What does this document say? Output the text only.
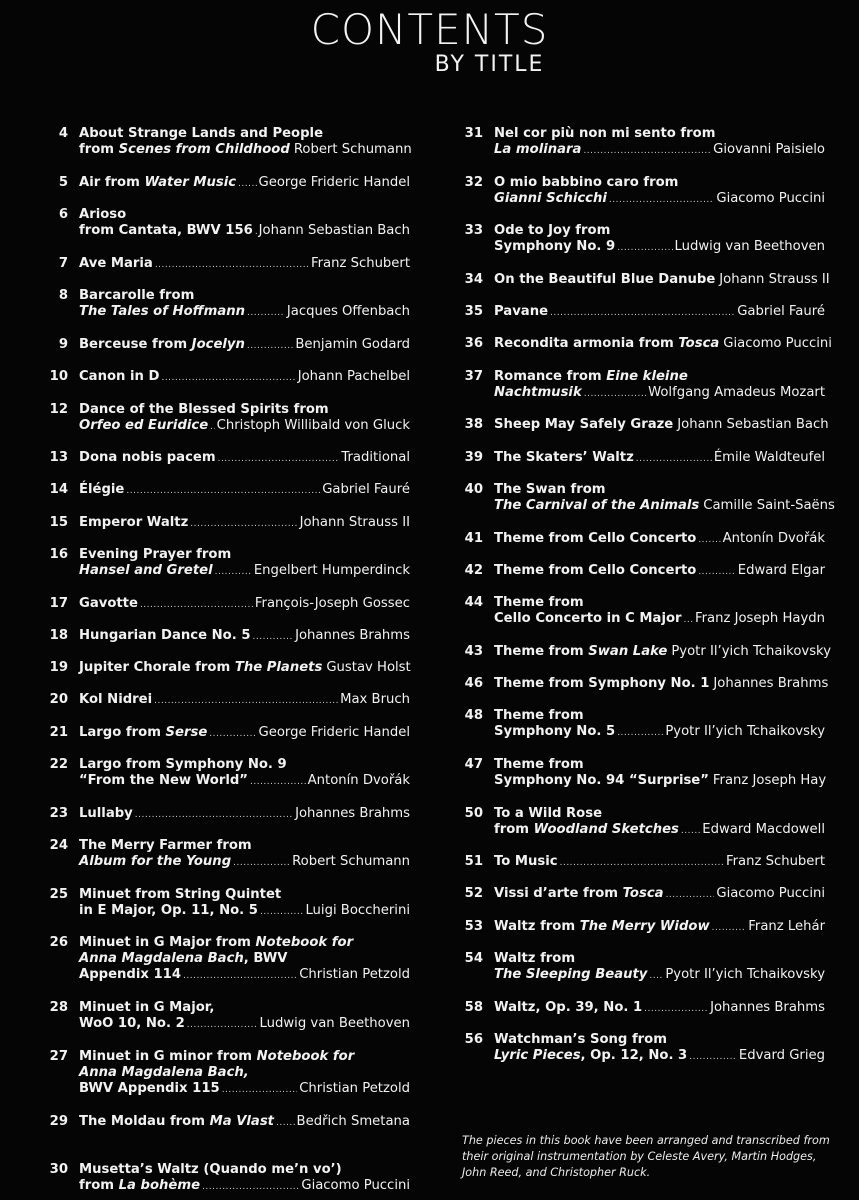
CONTENTS
BY TITLE
4 About Strange Lands and People
from Scenes from Childhood Robert Schumann
5 Air from Water Music ..... George Frideric Handel
6 Arioso
from Cantata, BWV 156 ..... Johann Sebastian Bach
7 Ave Maria .....	Franz Schubert
8 Barcarolle from
The Tales of Hoffmann .....	Jacques Offenbach
9 Berceuse from Jocelyn .....	Benjamin Godard
10 Canon in D .....	Johann Pachelbel
12 Dance of the Blessed Spirits from
Orfeo ed Euridice ..... Christoph Willibald von Gluck
13 Dona nobis pacem .....	Traditional
14 Élégie .....	Gabriel Fauré
15 Emperor Waltz .....	Johann Strauss II
16 Evening Prayer from
Hansel and Gretel .....	Engelbert Humperdinck
17 Gavotte .....	François-Joseph Gossec
18 Hungarian Dance No. 5 .....	Johannes Brahms
19 Jupiter Chorale from The Planets Gustav Holst
20 Kol Nidrei .....	Max Bruch
21 Largo from Serse .....	George Frideric Handel
22 Largo from Symphony No. 9
“From the New World” .....	Antonín Dvořák
23 Lullaby .....	Johannes Brahms
24 The Merry Farmer from
Album for the Young .....	Robert Schumann
25 Minuet from String Quintet
in E Major, Op. 11, No. 5 .....	Luigi Boccherini
26 Minuet in G Major from Notebook for
Anna Magdalena Bach, BWV
Appendix 114 .....	Christian Petzold
28 Minuet in G Major,
WoO 10, No. 2 .....	Ludwig van Beethoven
27 Minuet in G minor from Notebook for
Anna Magdalena Bach,
BWV Appendix 115 .....	Christian Petzold
29 The Moldau from Ma Vlast ..... Bedřich Smetana
30 Musetta’s Waltz (Quando me’n vo’)
from La bohème .....	Giacomo Puccini
31 Nel cor più non mi sento from
La molinara .....	Giovanni Paisielo
32 O mio babbino caro from
Gianni Schicchi .....	Giacomo Puccini
33 Ode to Joy from
Symphony No. 9 .....	Ludwig van Beethoven
34 On the Beautiful Blue Danube Johann Strauss II
35 Pavane .....	Gabriel Fauré
36 Recondita armonia from Tosca Giacomo Puccini
37 Romance from Eine kleine
Nachtmusik .....	Wolfgang Amadeus Mozart
38 Sheep May Safely Graze Johann Sebastian Bach
39 The Skaters’ Waltz .....	Émile Waldteufel
40 The Swan from
The Carnival of the Animals Camille Saint-Saëns
41 Theme from Cello Concerto ..... Antonín Dvořák
42 Theme from Cello Concerto .....	Edward Elgar
44 Theme from
Cello Concerto in C Major ..... Franz Joseph Haydn
43 Theme from Swan Lake Pyotr Il’yich Tchaikovsky
46 Theme from Symphony No. 1 Johannes Brahms
48 Theme from
Symphony No. 5 .....	Pyotr Il’yich Tchaikovsky
47 Theme from
Symphony No. 94 “Surprise” Franz Joseph Hay
50 To a Wild Rose
from Woodland Sketches ..... Edward Macdowell
51 To Music .....	Franz Schubert
52 Vissi d’arte from Tosca .....	Giacomo Puccini
53 Waltz from The Merry Widow .....	Franz Lehár
54 Waltz from
The Sleeping Beauty ..... Pyotr Il’yich Tchaikovsky
58 Waltz, Op. 39, No. 1 .....	Johannes Brahms
56 Watchman’s Song from
Lyric Pieces, Op. 12, No. 3 .....	Edvard Grieg
The pieces in this book have been arranged and transcribed from their original instrumentation by Celeste Avery, Martin Hodges, John Reed, and Christopher Ruck.
